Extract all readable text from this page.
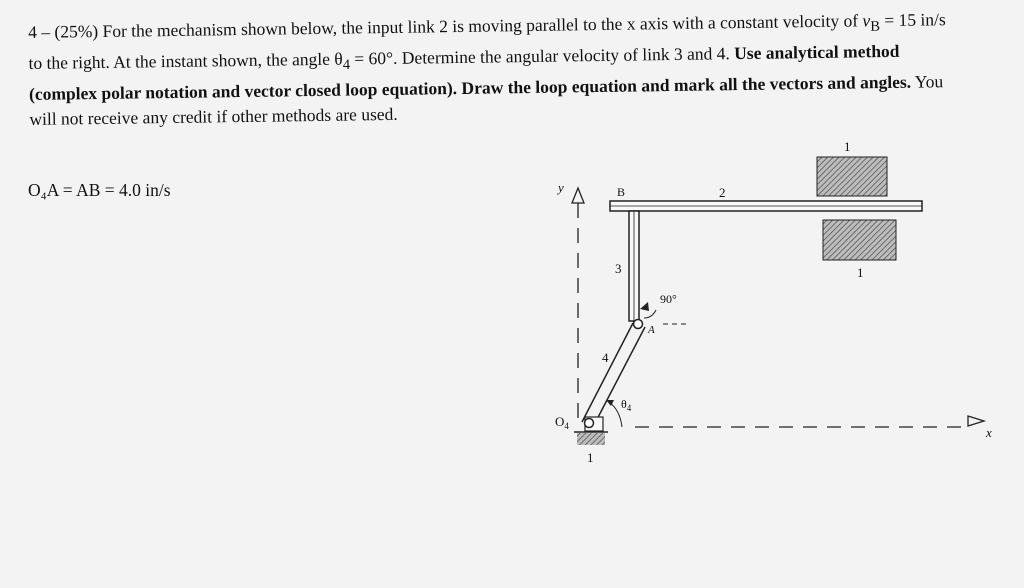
4 – (25%) For the mechanism shown below, the input link 2 is moving parallel to the x axis with a constant velocity of $v_B = 15$ in/s to the right. At the instant shown, the angle $\theta_4 = 60^\circ$. Determine the angular velocity of link 3 and 4. Use analytical method (complex polar notation and vector closed loop equation). Draw the loop equation and mark all the vectors and angles. You will not receive any credit if other methods are used.

O₄A = AB = 4.0 in/s	y
x
2
B
1
1
3
4
A
90°
$\theta_4$
1
$O_4$
